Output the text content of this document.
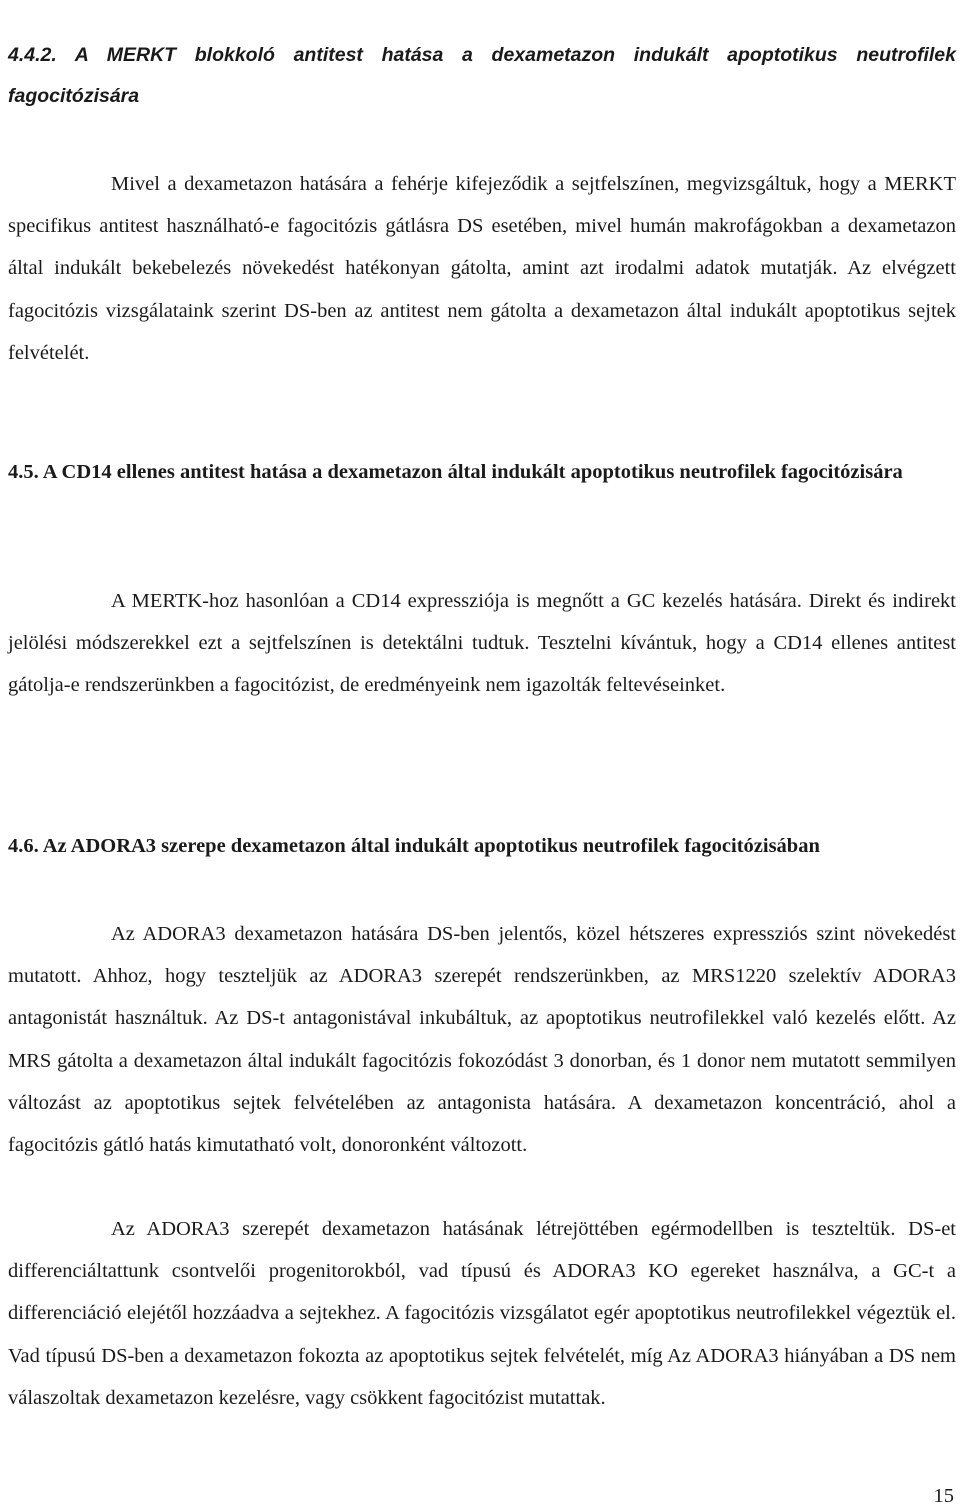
4.4.2. A MERKT blokkoló antitest hatása a dexametazon indukált apoptotikus neutrofilek fagocitózisára

Mivel a dexametazon hatására a fehérje kifejeződik a sejtfelszínen, megvizsgáltuk, hogy a MERKT specifikus antitest használható-e fagocitózis gátlásra DS esetében, mivel humán makrofágokban a dexametazon által indukált bekebelezés növekedést hatékonyan gátolta, amint azt irodalmi adatok mutatják. Az elvégzett fagocitózis vizsgálataink szerint DS-ben az antitest nem gátolta a dexametazon által indukált apoptotikus sejtek felvételét.

4.5. A CD14 ellenes antitest hatása a dexametazon által indukált apoptotikus neutrofilek fagocitózisára

A MERTK-hoz hasonlóan a CD14 expressziója is megnőtt a GC kezelés hatására. Direkt és indirekt jelölési módszerekkel ezt a sejtfelszínen is detektálni tudtuk. Tesztelni kívántuk, hogy a CD14 ellenes antitest gátolja-e rendszerünkben a fagocitózist, de eredményeink nem igazolták feltevéseinket.

4.6. Az ADORA3 szerepe dexametazon által indukált apoptotikus neutrofilek fagocitózisában

Az ADORA3 dexametazon hatására DS-ben jelentős, közel hétszeres expressziós szint növekedést mutatott. Ahhoz, hogy teszteljük az ADORA3 szerepét rendszerünkben, az MRS1220 szelektív ADORA3 antagonistát használtuk. Az DS-t antagonistával inkubáltuk, az apoptotikus neutrofilekkel való kezelés előtt. Az MRS gátolta a dexametazon által indukált fagocitózis fokozódást 3 donorban, és 1 donor nem mutatott semmilyen változást az apoptotikus sejtek felvételében az antagonista hatására. A dexametazon koncentráció, ahol a fagocitózis gátló hatás kimutatható volt, donoronként változott.

Az ADORA3 szerepét dexametazon hatásának létrejöttében egérmodellben is teszteltük. DS-et differenciáltattunk csontvelői progenitorokból, vad típusú és ADORA3 KO egereket használva, a GC-t a differenciáció elejétől hozzáadva a sejtekhez. A fagocitózis vizsgálatot egér apoptotikus neutrofilekkel végeztük el. Vad típusú DS-ben a dexametazon fokozta az apoptotikus sejtek felvételét, míg Az ADORA3 hiányában a DS nem válaszoltak dexametazon kezelésre, vagy csökkent fagocitózist mutattak.

15
